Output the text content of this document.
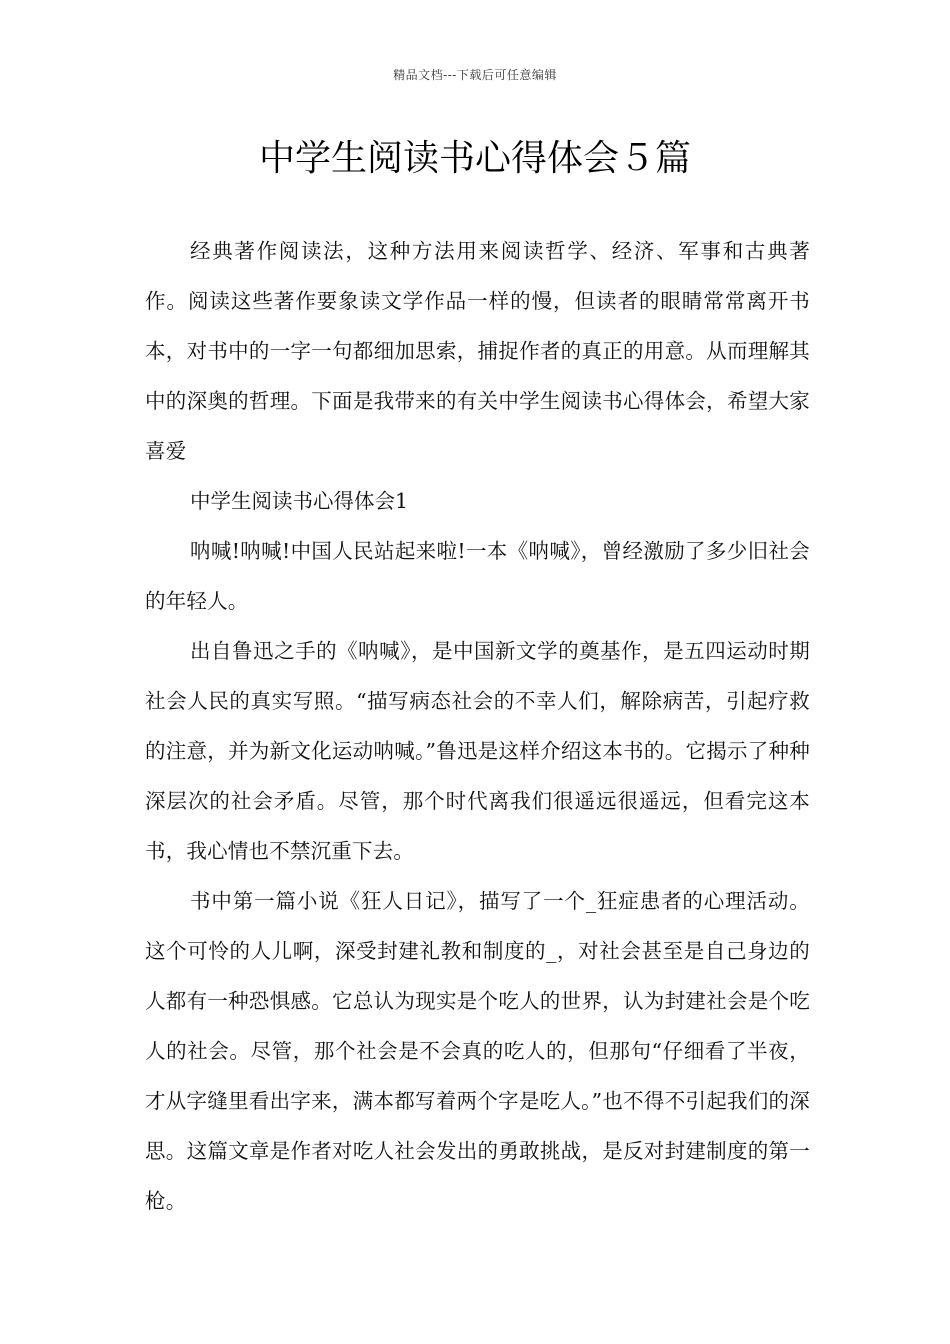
精品文档---下载后可任意编辑
中学生阅读书心得体会５篇

经典著作阅读法，这种方法用来阅读哲学、经济、军事和古典著作。阅读这些著作要象读文学作品一样的慢，但读者的眼睛常常离开书本，对书中的一字一句都细加思索，捕捉作者的真正的用意。从而理解其中的深奥的哲理。下面是我带来的有关中学生阅读书心得体会，希望大家喜爱

中学生阅读书心得体会1

呐喊!呐喊!中国人民站起来啦!一本《呐喊》，曾经激励了多少旧社会的年轻人。

出自鲁迅之手的《呐喊》，是中国新文学的奠基作，是五四运动时期社会人民的真实写照。“描写病态社会的不幸人们，解除病苦，引起疗救的注意，并为新文化运动呐喊。”鲁迅是这样介绍这本书的。它揭示了种种深层次的社会矛盾。尽管，那个时代离我们很遥远很遥远，但看完这本书，我心情也不禁沉重下去。

书中第一篇小说《狂人日记》，描写了一个_狂症患者的心理活动。这个可怜的人儿啊，深受封建礼教和制度的_，对社会甚至是自己身边的人都有一种恐惧感。它总认为现实是个吃人的世界，认为封建社会是个吃人的社会。尽管，那个社会是不会真的吃人的，但那句“仔细看了半夜，才从字缝里看出字来，满本都写着两个字是吃人。”也不得不引起我们的深思。这篇文章是作者对吃人社会发出的勇敢挑战，是反对封建制度的第一枪。
